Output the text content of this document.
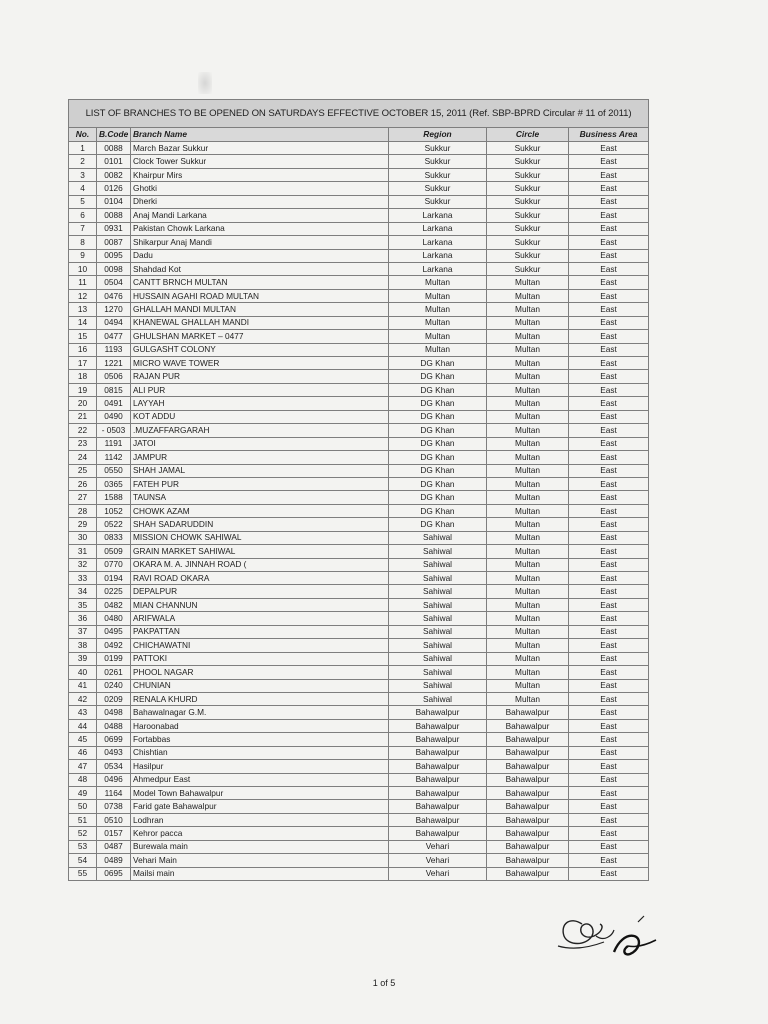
LIST OF BRANCHES TO BE OPENED ON SATURDAYS EFFECTIVE OCTOBER 15, 2011 (Ref. SBP-BPRD Circular # 11 of 2011)					
No.	B.Code	Branch Name	Region	Circle	Business Area
1	0088	March Bazar Sukkur	Sukkur	Sukkur	East
2	0101	Clock Tower Sukkur	Sukkur	Sukkur	East
3	0082	Khairpur Mirs	Sukkur	Sukkur	East
4	0126	Ghotki	Sukkur	Sukkur	East
5	0104	Dherki	Sukkur	Sukkur	East
6	0088	Anaj Mandi Larkana	Larkana	Sukkur	East
7	0931	Pakistan Chowk Larkana	Larkana	Sukkur	East
8	0087	Shikarpur Anaj Mandi	Larkana	Sukkur	East
9	0095	Dadu	Larkana	Sukkur	East
10	0098	Shahdad Kot	Larkana	Sukkur	East
11	0504	CANTT BRNCH MULTAN	Multan	Multan	East
12	0476	HUSSAIN AGAHI ROAD MULTAN	Multan	Multan	East
13	1270	GHALLAH MANDI MULTAN	Multan	Multan	East
14	0494	KHANEWAL GHALLAH MANDI	Multan	Multan	East
15	0477	GHULSHAN MARKET – 0477	Multan	Multan	East
16	1193	GULGASHT COLONY	Multan	Multan	East
17	1221	MICRO WAVE TOWER	DG Khan	Multan	East
18	0506	RAJAN PUR	DG Khan	Multan	East
19	0815	ALI PUR	DG Khan	Multan	East
20	0491	LAYYAH	DG Khan	Multan	East
21	0490	KOT ADDU	DG Khan	Multan	East
22	- 0503	.MUZAFFARGARAH	DG Khan	Multan	East
23	1191	JATOI	DG Khan	Multan	East
24	1142	JAMPUR	DG Khan	Multan	East
25	0550	SHAH JAMAL	DG Khan	Multan	East
26	0365	FATEH PUR	DG Khan	Multan	East
27	1588	TAUNSA	DG Khan	Multan	East
28	1052	CHOWK AZAM	DG Khan	Multan	East
29	0522	SHAH SADARUDDIN	DG Khan	Multan	East
30	0833	MISSION CHOWK SAHIWAL	Sahiwal	Multan	East
31	0509	GRAIN MARKET SAHIWAL	Sahiwal	Multan	East
32	0770	OKARA M. A. JINNAH ROAD (	Sahiwal	Multan	East
33	0194	RAVI ROAD OKARA	Sahiwal	Multan	East
34	0225	DEPALPUR	Sahiwal	Multan	East
35	0482	MIAN CHANNUN	Sahiwal	Multan	East
36	0480	ARIFWALA	Sahiwal	Multan	East
37	0495	PAKPATTAN	Sahiwal	Multan	East
38	0492	CHICHAWATNI	Sahiwal	Multan	East
39	0199	PATTOKI	Sahiwal	Multan	East
40	0261	PHOOL NAGAR	Sahiwal	Multan	East
41	0240	CHUNIAN	Sahiwal	Multan	East
42	0209	RENALA KHURD	Sahiwal	Multan	East
43	0498	Bahawalnagar G.M.	Bahawalpur	Bahawalpur	East
44	0488	Haroonabad	Bahawalpur	Bahawalpur	East
45	0699	Fortabbas	Bahawalpur	Bahawalpur	East
46	0493	Chishtian	Bahawalpur	Bahawalpur	East
47	0534	Hasilpur	Bahawalpur	Bahawalpur	East
48	0496	Ahmedpur East	Bahawalpur	Bahawalpur	East
49	1164	Model Town Bahawalpur	Bahawalpur	Bahawalpur	East
50	0738	Farid gate Bahawalpur	Bahawalpur	Bahawalpur	East
51	0510	Lodhran	Bahawalpur	Bahawalpur	East
52	0157	Kehror pacca	Bahawalpur	Bahawalpur	East
53	0487	Burewala main	Vehari	Bahawalpur	East
54	0489	Vehari Main	Vehari	Bahawalpur	East
55	0695	Mailsi main	Vehari	Bahawalpur	East
1 of 5
